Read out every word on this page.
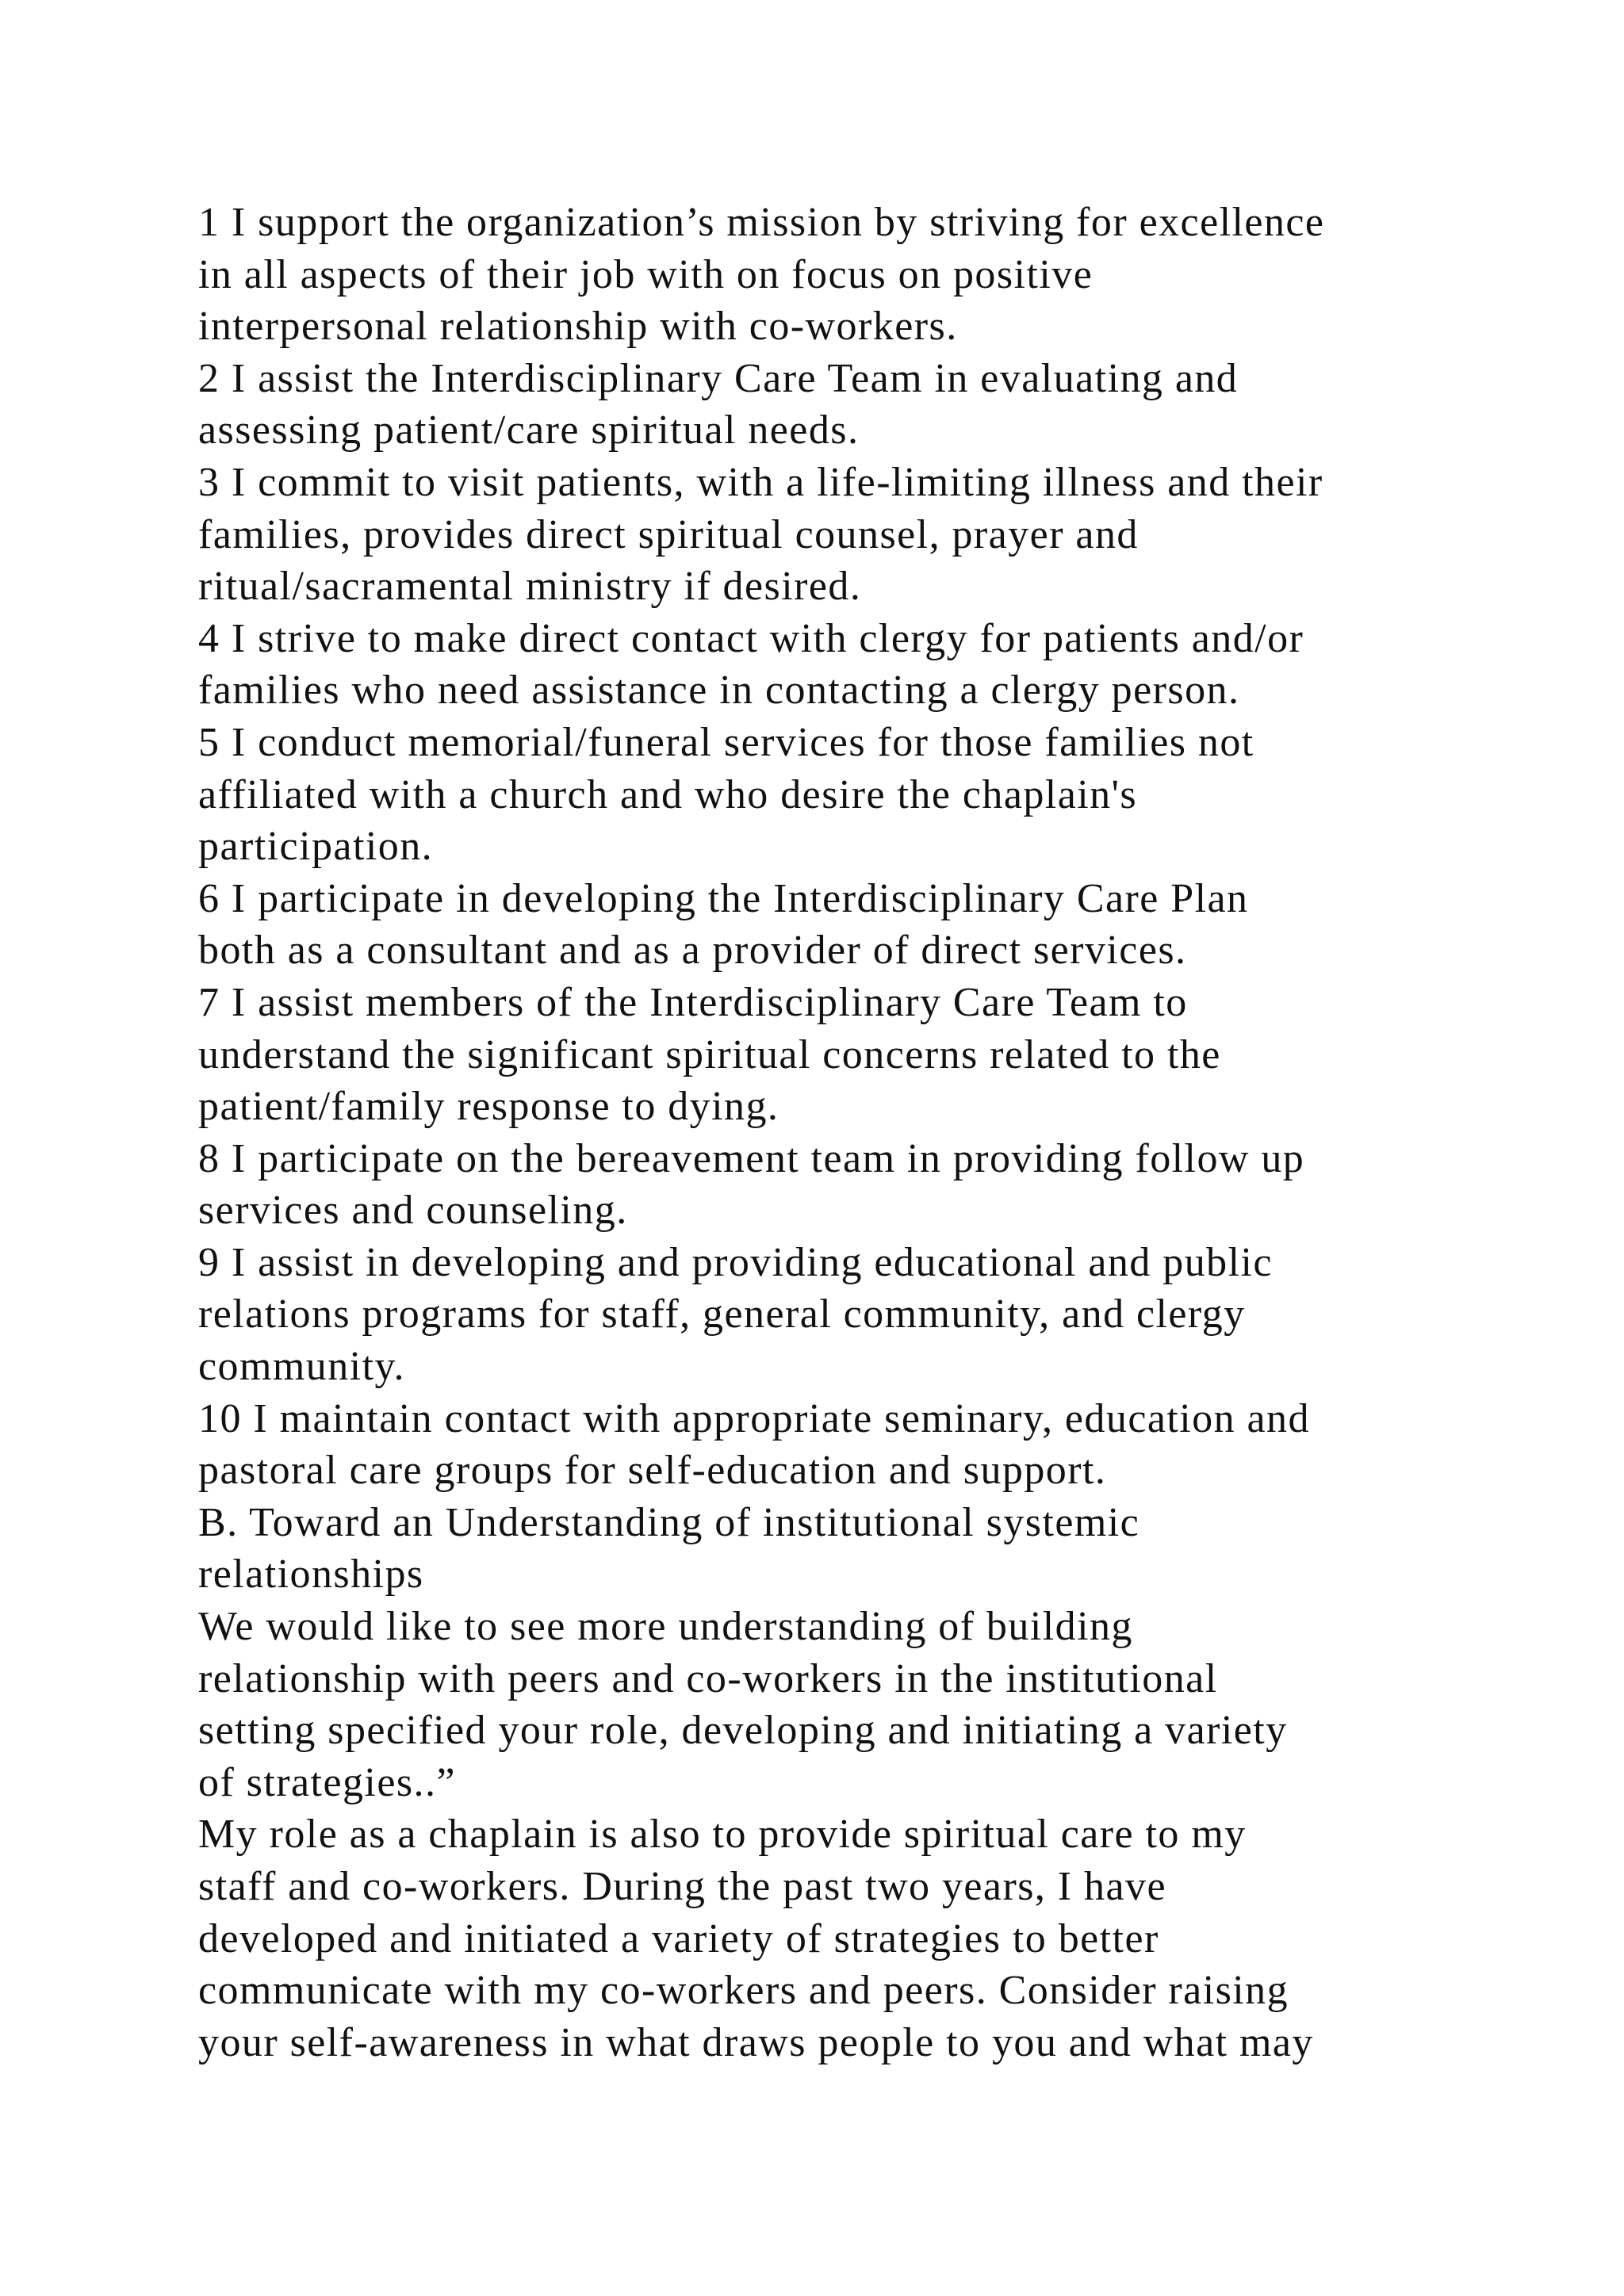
1 I support the organization’s mission by striving for excellence
in all aspects of their job with on focus on positive
interpersonal relationship with co-workers.
2 I assist the Interdisciplinary Care Team in evaluating and
assessing patient/care spiritual needs.
3 I commit to visit patients, with a life-limiting illness and their
families, provides direct spiritual counsel, prayer and
ritual/sacramental ministry if desired.
4 I strive to make direct contact with clergy for patients and/or
families who need assistance in contacting a clergy person.
5 I conduct memorial/funeral services for those families not
affiliated with a church and who desire the chaplain's
participation.
6 I participate in developing the Interdisciplinary Care Plan
both as a consultant and as a provider of direct services.
7 I assist members of the Interdisciplinary Care Team to
understand the significant spiritual concerns related to the
patient/family response to dying.
8 I participate on the bereavement team in providing follow up
services and counseling.
9 I assist in developing and providing educational and public
relations programs for staff, general community, and clergy
community.
10 I maintain contact with appropriate seminary, education and
pastoral care groups for self-education and support.
B. Toward an Understanding of institutional systemic
relationships
We would like to see more understanding of building
relationship with peers and co-workers in the institutional
setting specified your role, developing and initiating a variety
of strategies..”
My role as a chaplain is also to provide spiritual care to my
staff and co-workers. During the past two years, I have
developed and initiated a variety of strategies to better
communicate with my co-workers and peers. Consider raising
your self-awareness in what draws people to you and what may
